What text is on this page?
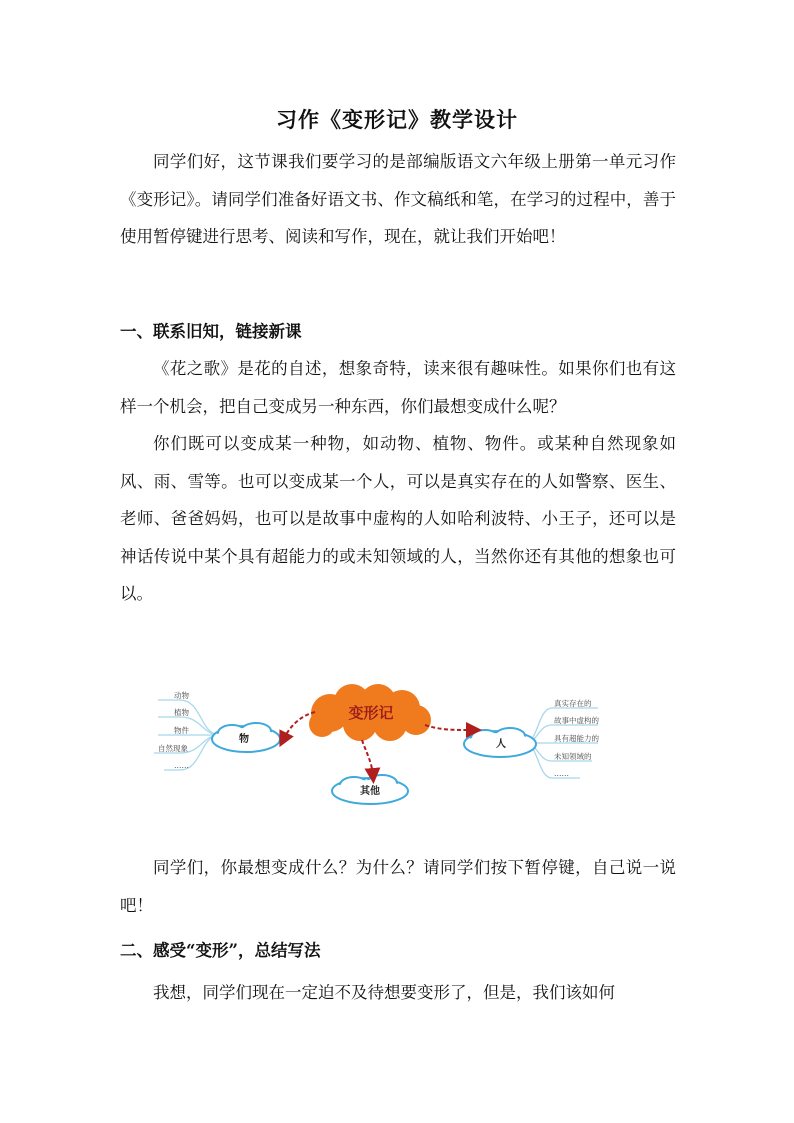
习作《变形记》教学设计

同学们好，这节课我们要学习的是部编版语文六年级上册第一单元习作《变形记》。请同学们准备好语文书、作文稿纸和笔，在学习的过程中，善于使用暂停键进行思考、阅读和写作，现在，就让我们开始吧！

一、联系旧知，链接新课

《花之歌》是花的自述，想象奇特，读来很有趣味性。如果你们也有这样一个机会，把自己变成另一种东西，你们最想变成什么呢？

你们既可以变成某一种物，如动物、植物、物件。或某种自然现象如风、雨、雪等。也可以变成某一个人，可以是真实存在的人如警察、医生、老师、爸爸妈妈，也可以是故事中虚构的人如哈利波特、小王子，还可以是神话传说中某个具有超能力的或未知领域的人，当然你还有其他的想象也可以。

动物
植物
物件
自然现象
……
真实存在的
故事中虚构的
具有超能力的
未知领域的
……
变形记
物	人
其他

同学们，你最想变成什么？为什么？请同学们按下暂停键，自己说一说吧！

二、感受“变形”，总结写法

我想，同学们现在一定迫不及待想要变形了，但是，我们该如何
